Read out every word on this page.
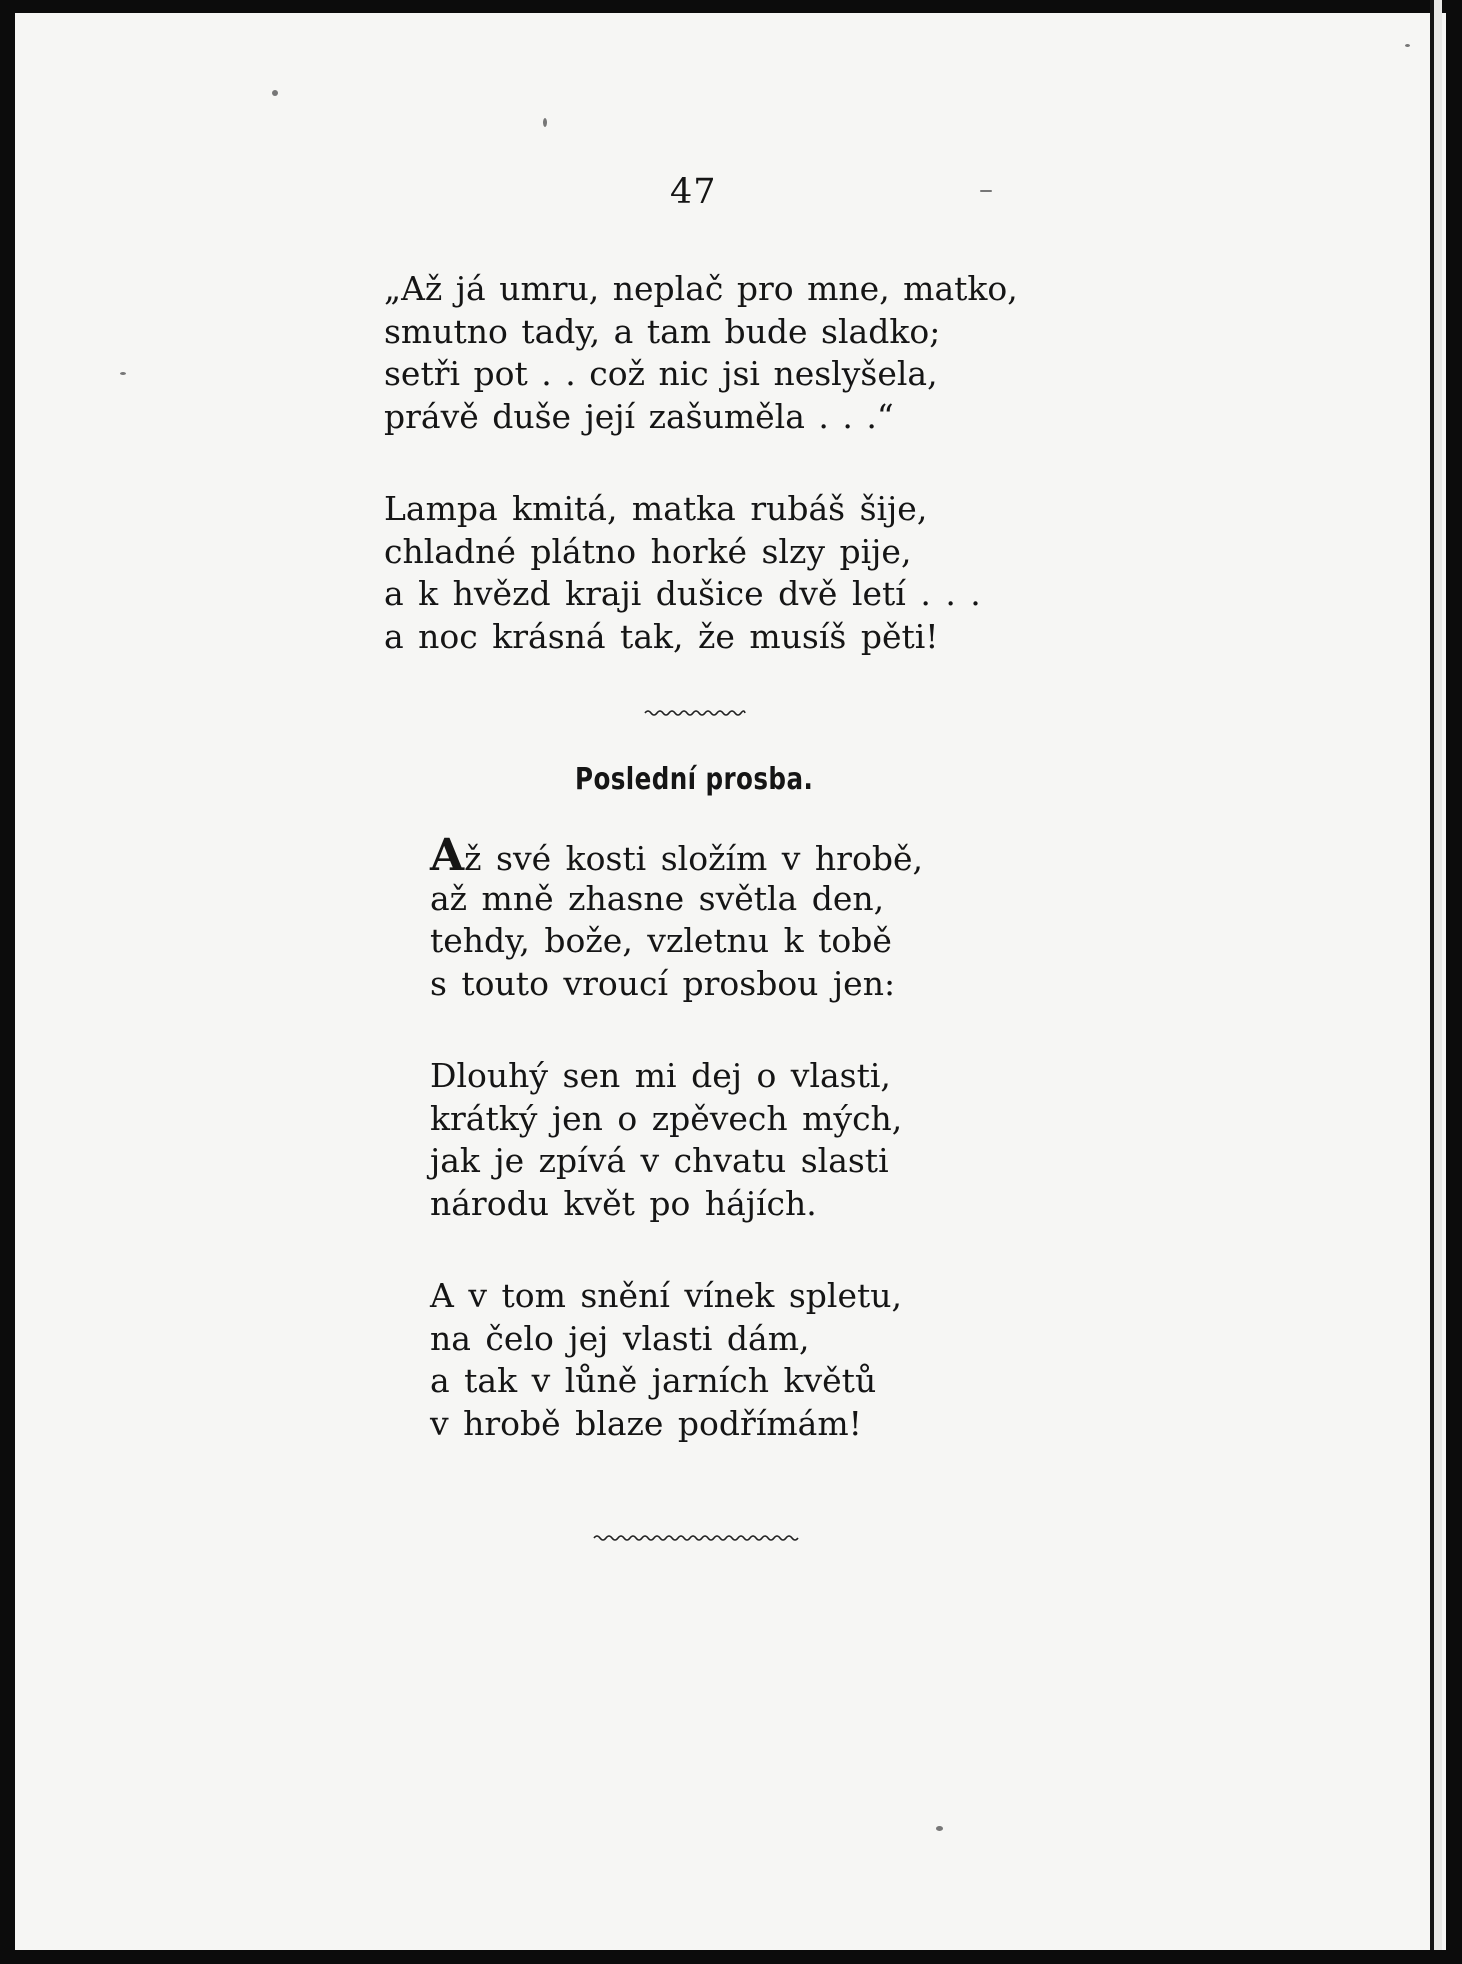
47
„Až já umru, neplač pro mne, matko,
smutno tady, a tam bude sladko;
setři pot . . což nic jsi neslyšela,
právě duše její zašuměla . . .“
Lampa kmitá, matka rubáš šije,
chladné plátno horké slzy pije,
a k hvězd kraji dušice dvě letí . . .
a noc krásná tak, že musíš pěti!
Poslední prosba.
Až své kosti složím v hrobě,
až mně zhasne světla den,
tehdy, bože, vzletnu k tobě
s touto vroucí prosbou jen:
Dlouhý sen mi dej o vlasti,
krátký jen o zpěvech mých,
jak je zpívá v chvatu slasti
národu květ po hájích.
A v tom snění vínek spletu,
na čelo jej vlasti dám,
a tak v lůně jarních květů
v hrobě blaze podřímám!
